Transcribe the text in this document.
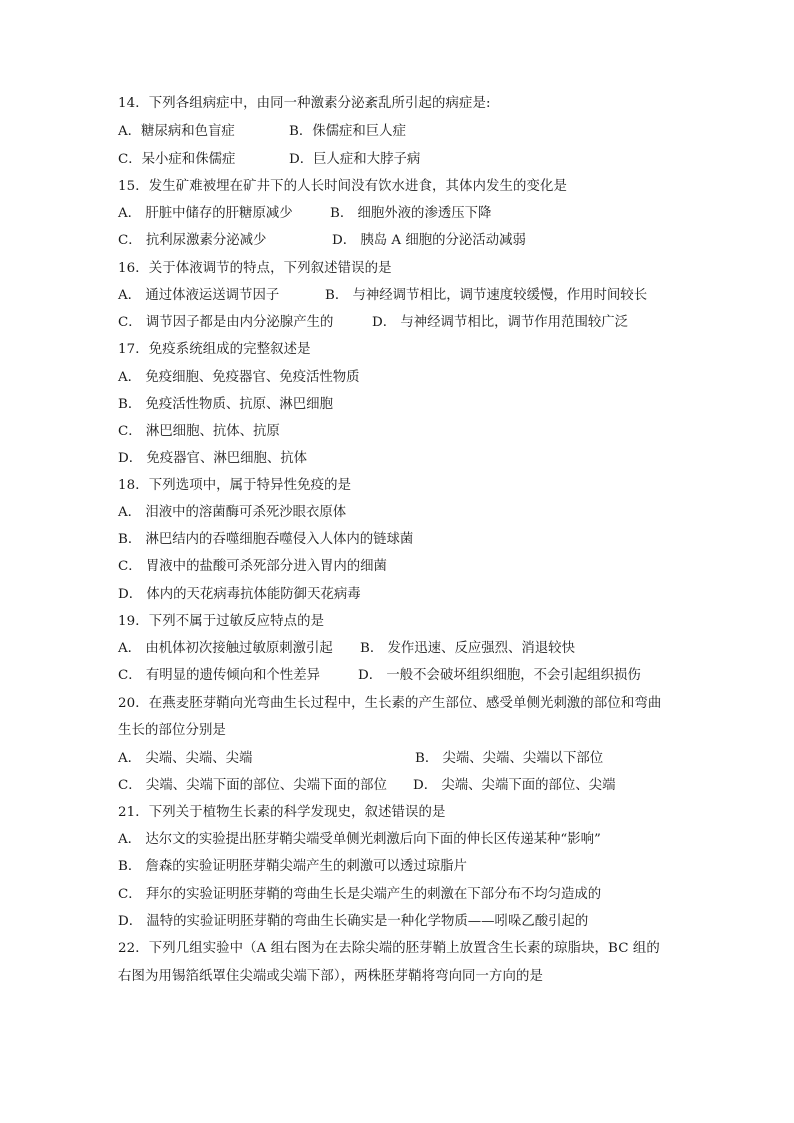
14．下列各组病症中，由同一种激素分泌紊乱所引起的病症是:
A．糖尿病和色盲症	B．侏儒症和巨人症
C．呆小症和侏儒症	D．巨人症和大脖子病
15．发生矿难被埋在矿井下的人长时间没有饮水进食，其体内发生的变化是
A． 肝脏中储存的肝糖原减少	B． 细胞外液的渗透压下降
C． 抗利尿激素分泌减少	D． 胰岛 A 细胞的分泌活动减弱
16．关于体液调节的特点，下列叙述错误的是
A． 通过体液运送调节因子	B． 与神经调节相比，调节速度较缓慢，作用时间较长
C． 调节因子都是由内分泌腺产生的	D． 与神经调节相比，调节作用范围较广泛
17．免疫系统组成的完整叙述是
A． 免疫细胞、免疫器官、免疫活性物质
B． 免疫活性物质、抗原、淋巴细胞
C． 淋巴细胞、抗体、抗原
D． 免疫器官、淋巴细胞、抗体
18．下列选项中，属于特异性免疫的是
A． 泪液中的溶菌酶可杀死沙眼衣原体
B． 淋巴结内的吞噬细胞吞噬侵入人体内的链球菌
C． 胃液中的盐酸可杀死部分进入胃内的细菌
D． 体内的天花病毒抗体能防御天花病毒
19．下列不属于过敏反应特点的是
A． 由机体初次接触过敏原刺激引起 B． 发作迅速、反应强烈、消退较快
C． 有明显的遗传倾向和个性差异	D． 一般不会破坏组织细胞，不会引起组织损伤
20．在燕麦胚芽鞘向光弯曲生长过程中，生长素的产生部位、感受单侧光刺激的部位和弯曲
生长的部位分别是
A． 尖端、尖端、尖端	B． 尖端、尖端、尖端以下部位
C． 尖端、尖端下面的部位、尖端下面的部位 D． 尖端、尖端下面的部位、尖端
21．下列关于植物生长素的科学发现史，叙述错误的是
A． 达尔文的实验提出胚芽鞘尖端受单侧光刺激后向下面的伸长区传递某种“影响”
B． 詹森的实验证明胚芽鞘尖端产生的刺激可以透过琼脂片
C． 拜尔的实验证明胚芽鞘的弯曲生长是尖端产生的刺激在下部分布不均匀造成的
D． 温特的实验证明胚芽鞘的弯曲生长确实是一种化学物质——吲哚乙酸引起的
22．下列几组实验中（A 组右图为在去除尖端的胚芽鞘上放置含生长素的琼脂块，BC 组的
右图为用锡箔纸罩住尖端或尖端下部），两株胚芽鞘将弯向同一方向的是
